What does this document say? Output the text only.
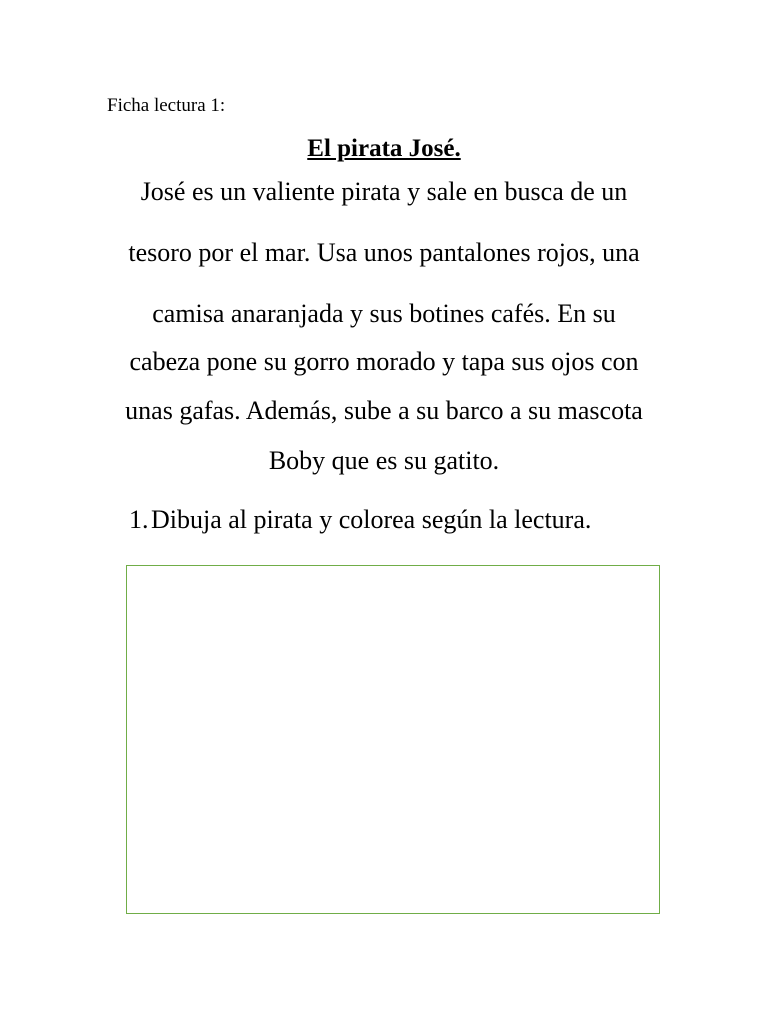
Ficha lectura 1:
El pirata José.
José es un valiente pirata y sale en busca de un
tesoro por el mar. Usa unos pantalones rojos, una
camisa anaranjada y sus botines cafés. En su
cabeza pone su gorro morado y tapa sus ojos con
unas gafas. Además, sube a su barco a su mascota
Boby que es su gatito.
1.Dibuja al pirata y colorea según la lectura.
